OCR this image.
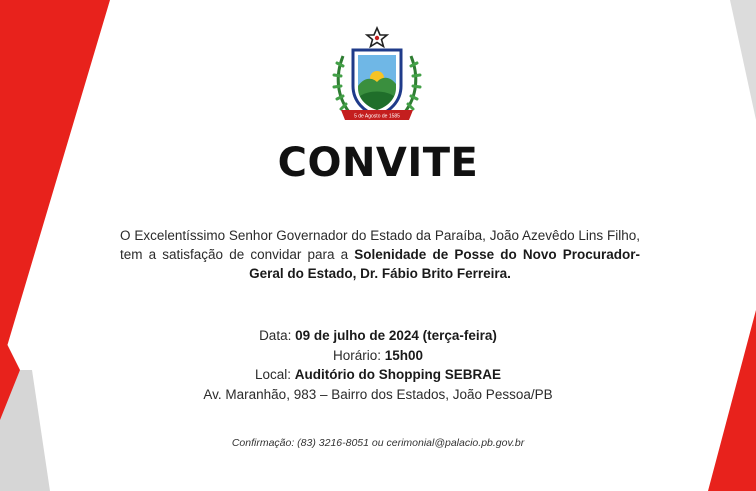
5 de Agosto de 1585
CONVITE
O Excelentíssimo Senhor Governador do Estado da Paraíba, João Azevêdo Lins Filho, tem a satisfação de convidar para a Solenidade de Posse do Novo Procurador-Geral do Estado, Dr. Fábio Brito Ferreira.
Data: 09 de julho de 2024 (terça-feira)
Horário: 15h00
Local: Auditório do Shopping SEBRAE
Av. Maranhão, 983 – Bairro dos Estados, João Pessoa/PB
Confirmação: (83) 3216-8051 ou cerimonial@palacio.pb.gov.br
